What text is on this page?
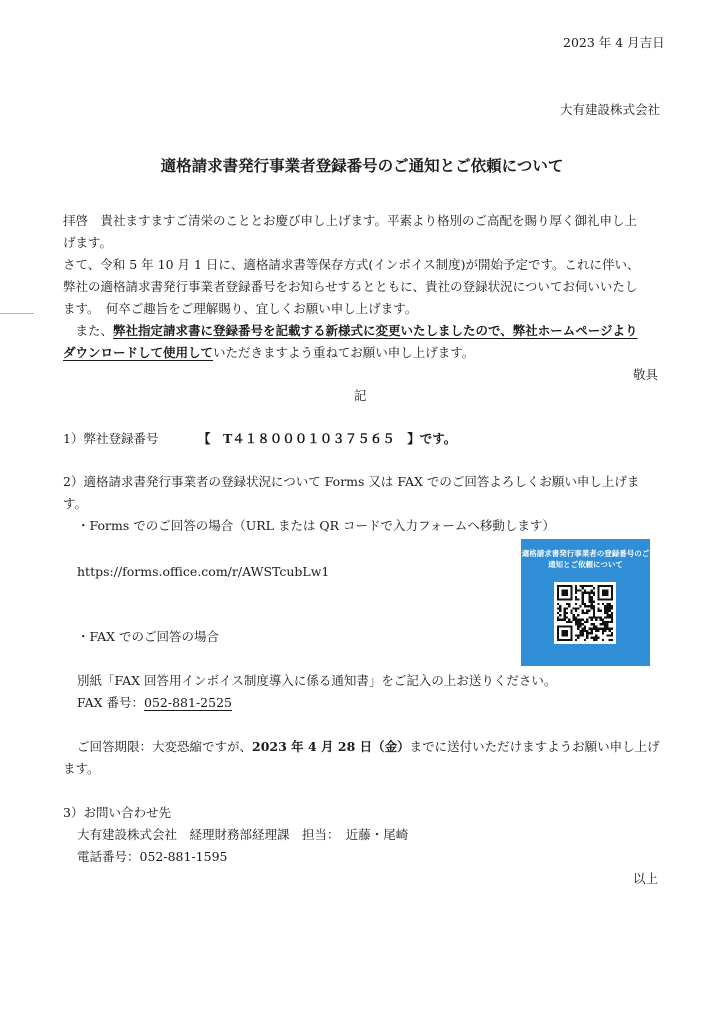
2023 年 4 月吉日
大有建設株式会社
適格請求書発行事業者登録番号のご通知とご依頼について
拝啓　貴社ますますご清栄のこととお慶び申し上げます。平素より格別のご高配を賜り厚く御礼申し上
げます。
さて、令和 5 年 10 月 1 日に、適格請求書等保存方式(インボイス制度)が開始予定です。これに伴い、
弊社の適格請求書発行事業者登録番号をお知らせするとともに、貴社の登録状況についてお伺いいたし
ます。　何卒ご趣旨をご理解賜り、宜しくお願い申し上げます。
　また、弊社指定請求書に登録番号を記載する新様式に変更いたしましたので、弊社ホームページより
ダウンロードして使用していただきますよう重ねてお願い申し上げます。
敬具
記
1）弊社登録番号	【　T４１８０００１０３７５６５　】です。
2）適格請求書発行事業者の登録状況について Forms 又は FAX でのご回答よろしくお願い申し上げま
す。
・Forms でのご回答の場合（URL または QR コードで入力フォームへ移動します）
https://forms.office.com/r/AWSTcubLw1
適格請求書発行事業者の登録番号のご通知とご依頼について
・FAX でのご回答の場合
別紙「FAX 回答用インボイス制度導入に係る通知書」をご記入の上お送りください。
FAX 番号：052-881-2525
ご回答期限：大変恐縮ですが、2023 年 4 月 28 日（金）までに送付いただけますようお願い申し上げ
ます。
3）お問い合わせ先
大有建設株式会社　経理財務部経理課　担当：　近藤・尾崎
電話番号：052-881-1595
以上
